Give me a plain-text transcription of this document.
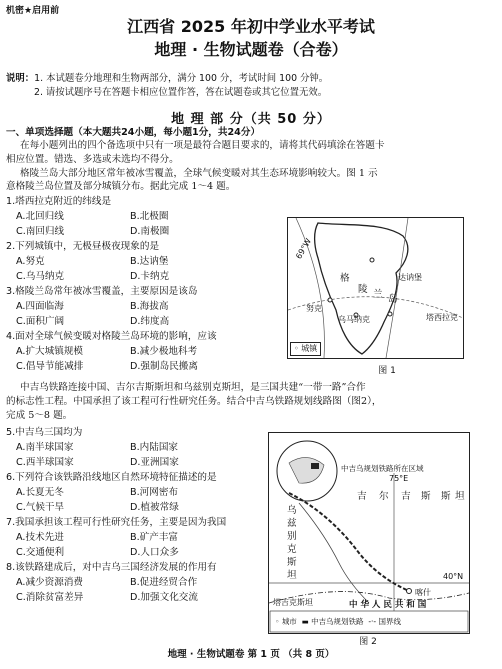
机密★启用前
江西省 2025 年初中学业水平考试
地理 · 生物试题卷（合卷）
说明：1. 本试题卷分地理和生物两部分，满分 100 分，考试时间 100 分钟。
2. 请按试题序号在答题卡相应位置作答，答在试题卷或其它位置无效。
地 理 部 分（共 50 分）
一、单项选择题（本大题共24小题，每小题1分，共24分）
在每小题列出的四个备选项中只有一项是最符合题目要求的，请将其代码填涂在答题卡
相应位置。错选、多选或未选均不得分。
格陵兰岛大部分地区常年被冰雪覆盖，全球气候变暖对其生态环境影响较大。图 1 示
意格陵兰岛位置及部分城镇分布。据此完成 1～4 题。
1.塔西拉克附近的纬线是
A.北回归线	B.北极圈
C.南回归线	D.南极圈
2.下列城镇中，无极昼极夜现象的是
A.努克	B.达讷堡
C.乌马纳克	D.卡纳克
3.格陵兰岛常年被冰雪覆盖，主要原因是该岛
A.四面临海	B.海拔高
C.面积广阔	D.纬度高
4.面对全球气候变暖对格陵兰岛环境的影响，应该
A.扩大城镇规模	B.减少极地科考
C.倡导节能减排	D.强制岛民搬离
69°W
达讷堡
格
乌马纳克
陵 兰 岛
努克
塔西拉克
◦ 城镇
图 1
中吉乌铁路连接中国、吉尔吉斯斯坦和乌兹别克斯坦，是三国共建“一带一路”合作
的标志性工程。中国承担了该工程可行性研究任务。结合中吉乌铁路规划线路图（图2），
完成 5～8 题。
5.中吉乌三国均为
A.南半球国家	B.内陆国家
C.西半球国家	D.亚洲国家
6.下列符合该铁路沿线地区自然环境特征描述的是
A.长夏无冬	B.河网密布
C.气候干旱	D.植被常绿
7.我国承担该工程可行性研究任务，主要是因为我国
A.技术先进	B.矿产丰富
C.交通便利	D.人口众多
8.该铁路建成后，对中吉乌三国经济发展的作用有
A.减少资源消费	B.促进经贸合作
C.消除贫富差异	D.加强文化交流
中吉乌规划铁路所在区域
75°E
吉 尔 吉 斯 斯 坦
乌
兹
别
克
斯
坦	40°N
喀什
塔吉克斯坦	中 华 人 民 共 和 国
◦ 城市  ▬ 中吉乌规划铁路  -·- 国界线
图 2
地理 · 生物试题卷 第 1 页 （共 8 页）
